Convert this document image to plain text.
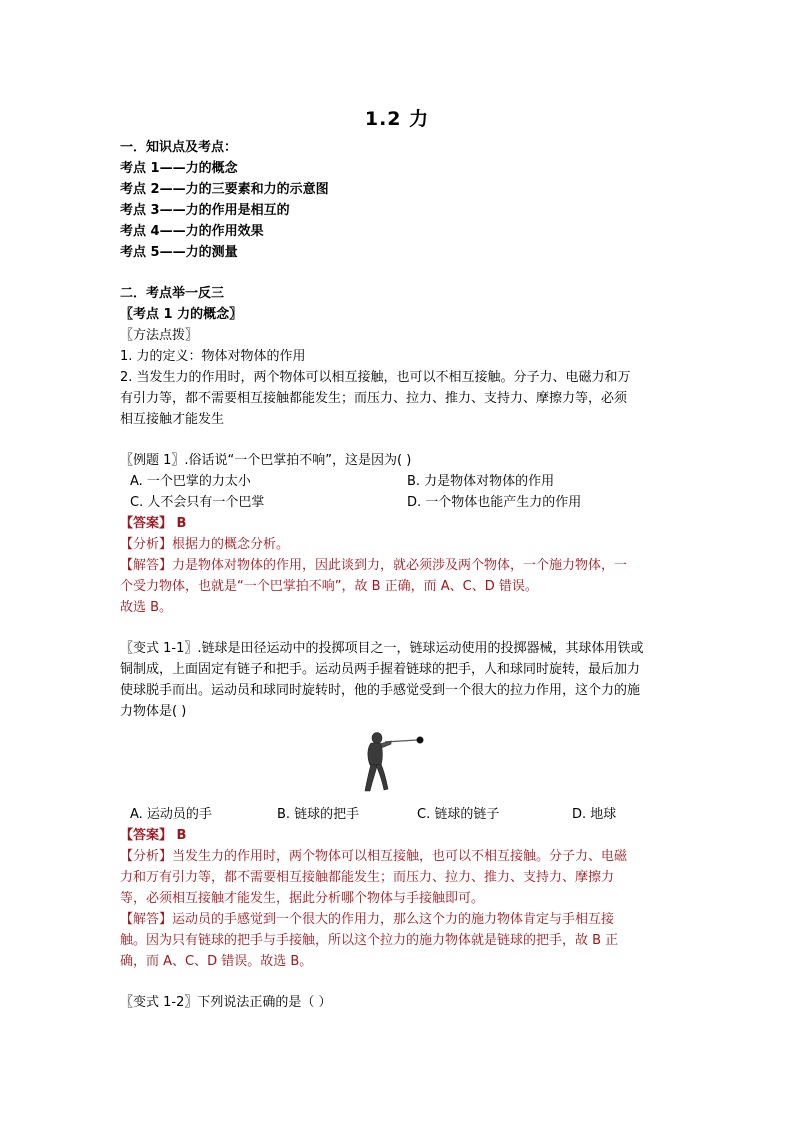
1.2 力
一．知识点及考点：
考点 1——力的概念
考点 2——力的三要素和力的示意图
考点 3——力的作用是相互的
考点 4——力的作用效果
考点 5——力的测量
二．考点举一反三
〖考点 1 力的概念〗
〖方法点拨〗
1. 力的定义：物体对物体的作用
2. 当发生力的作用时，两个物体可以相互接触，也可以不相互接触。分子力、电磁力和万
有引力等，都不需要相互接触都能发生；而压力、拉力、推力、支持力、摩擦力等，必须
相互接触才能发生
〖例题 1〗.俗话说“一个巴掌拍不响”，这是因为( )
A. 一个巴掌的力太小	B. 力是物体对物体的作用
C. 人不会只有一个巴掌	D. 一个物体也能产生力的作用
【答案】 B
【分析】根据力的概念分析。
【解答】力是物体对物体的作用，因此谈到力，就必须涉及两个物体，一个施力物体，一
个受力物体，也就是“一个巴掌拍不响”，故 B 正确，而 A、C、D 错误。
故选 B。
〖变式 1-1〗.链球是田径运动中的投掷项目之一，链球运动使用的投掷器械，其球体用铁或
铜制成，上面固定有链子和把手。运动员两手握着链球的把手，人和球同时旋转，最后加力
使球脱手而出。运动员和球同时旋转时，他的手感觉受到一个很大的拉力作用，这个力的施
力物体是( )
A. 运动员的手	B. 链球的把手	C. 链球的链子	D. 地球
【答案】 B
【分析】当发生力的作用时，两个物体可以相互接触，也可以不相互接触。分子力、电磁
力和万有引力等，都不需要相互接触都能发生；而压力、拉力、推力、支持力、摩擦力
等，必须相互接触才能发生，据此分析哪个物体与手接触即可。
【解答】运动员的手感觉到一个很大的作用力，那么这个力的施力物体肯定与手相互接
触。因为只有链球的把手与手接触，所以这个拉力的施力物体就是链球的把手，故 B 正
确，而 A、C、D 错误。故选 B。
〖变式 1-2〗下列说法正确的是（ ）
